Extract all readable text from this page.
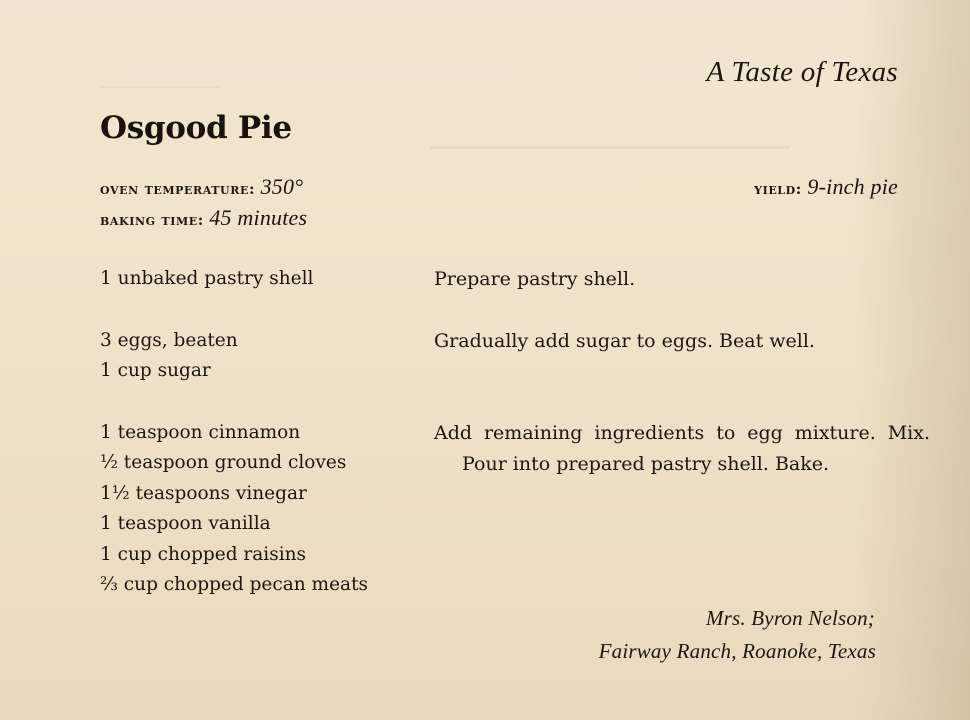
A Taste of Texas
Osgood Pie
oven temperature: 350°
baking time: 45 minutes
yield: 9-inch pie
1 unbaked pastry shell
3 eggs, beaten
1 cup sugar
1 teaspoon cinnamon
½ teaspoon ground cloves
1½ teaspoons vinegar
1 teaspoon vanilla
1 cup chopped raisins
⅔ cup chopped pecan meats

Prepare pastry shell.

Gradually add sugar to eggs. Beat well.

Add remaining ingredients to egg mixture. Mix. Pour into prepared pastry shell. Bake.

Mrs. Byron Nelson;
Fairway Ranch, Roanoke, Texas
